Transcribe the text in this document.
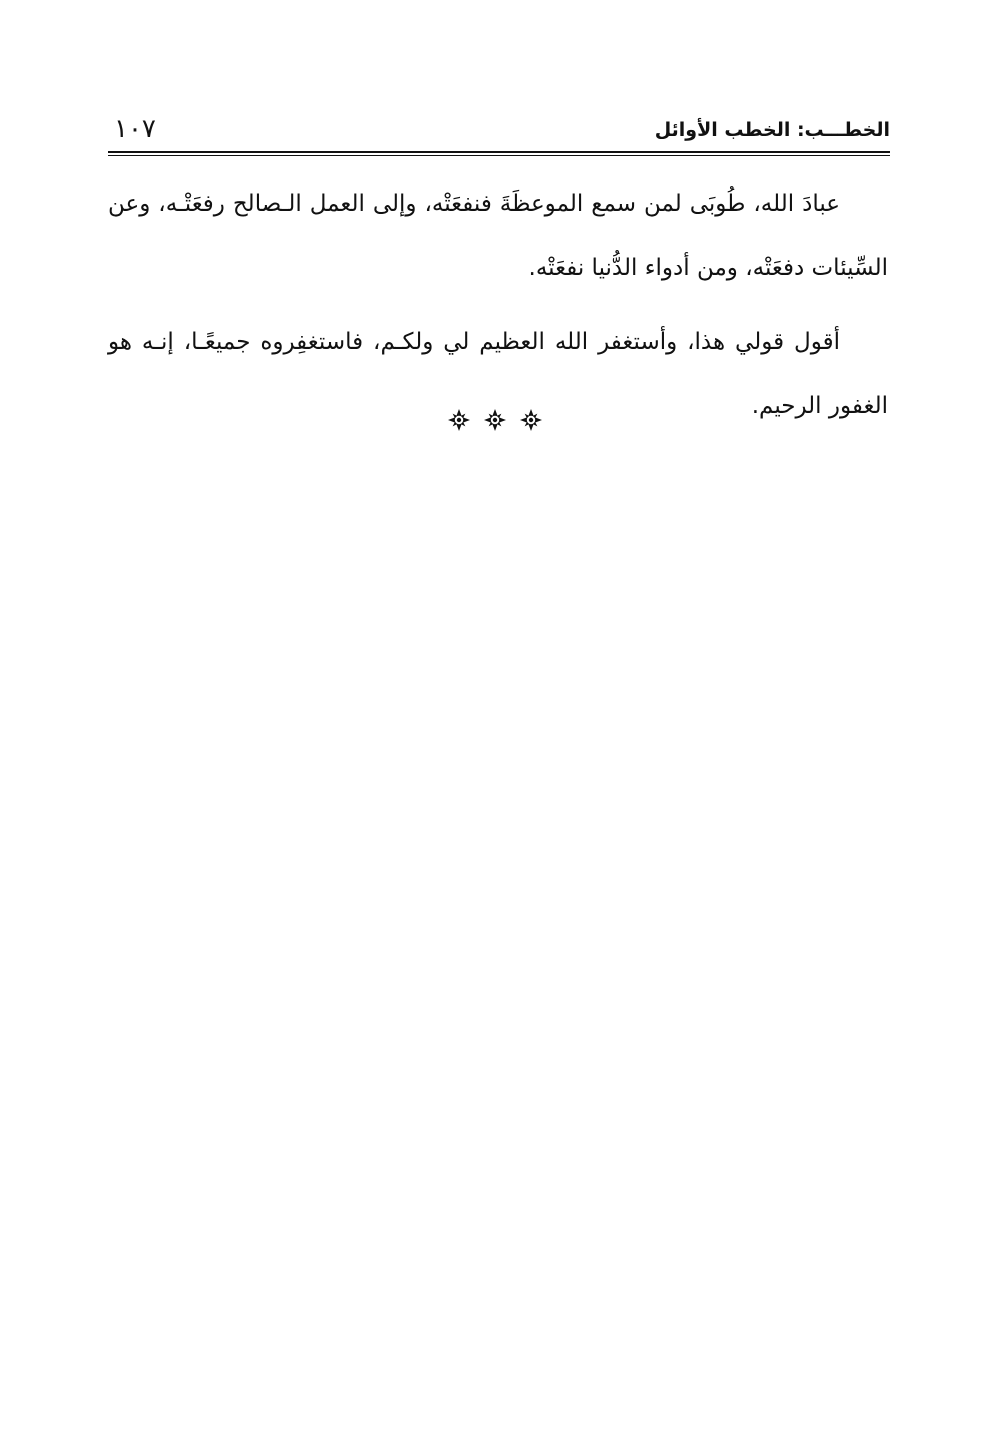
١٠٧	الخطـــب: الخطب الأوائل

عبادَ الله، طُوبَى لمن سمع الموعظَةَ فنفعَتْه، وإلى العمل الـصالح رفعَتْـه، وعن السِّيئات دفعَتْه، ومن أدواء الدُّنيا نفعَتْه.

أقول قولي هذا، وأستغفر الله العظيم لي ولكـم، فاستغفِروه جميعًـا، إنـه هو الغفور الرحيم.
